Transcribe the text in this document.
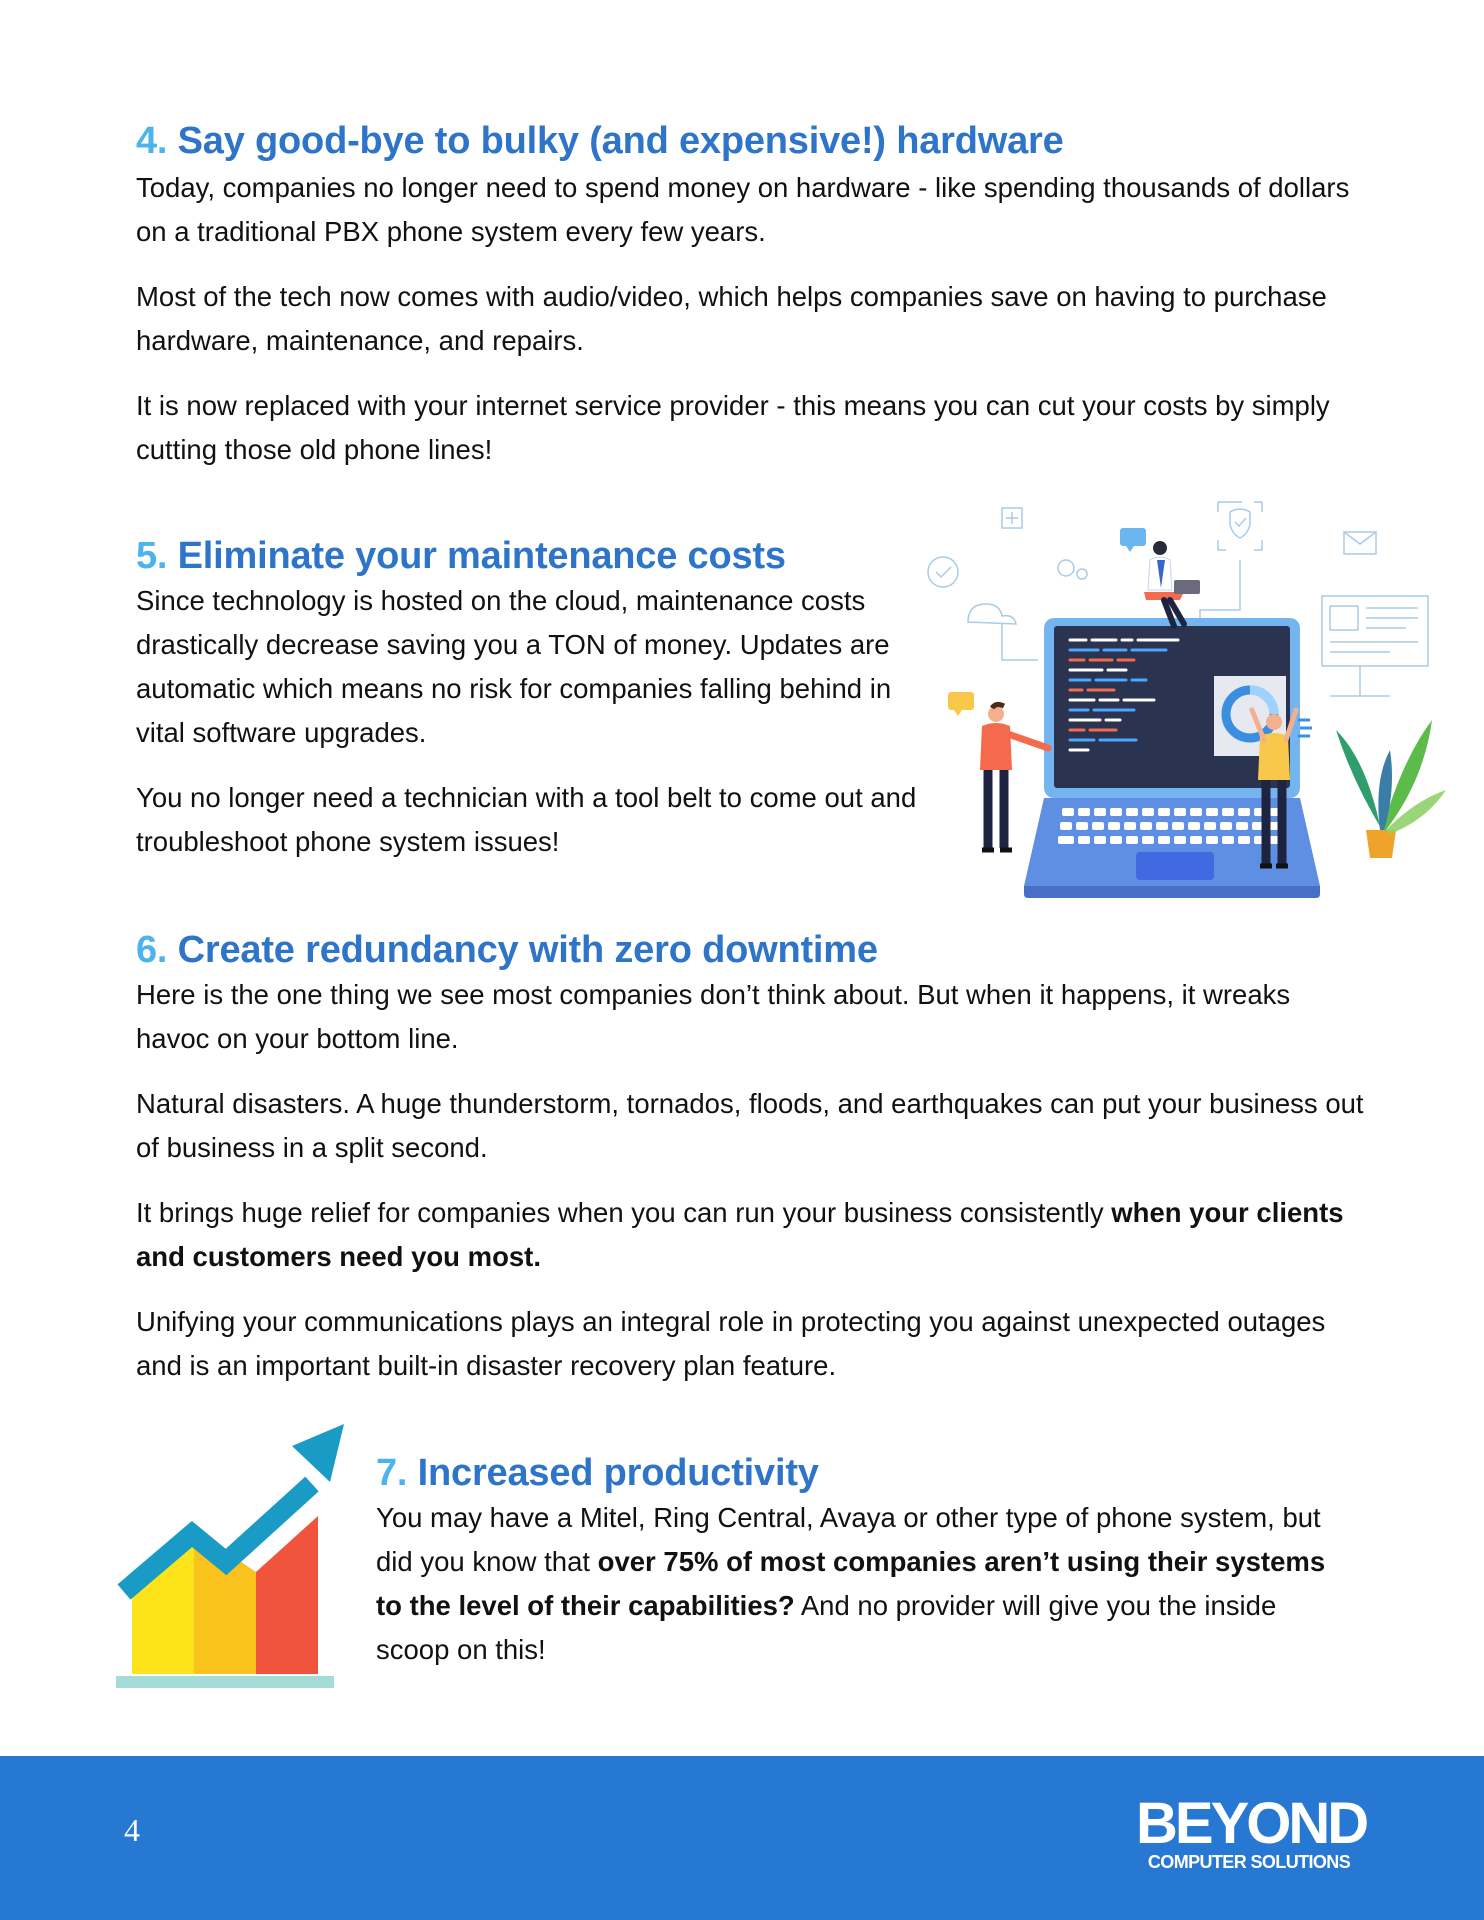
4. Say good-bye to bulky (and expensive!) hardware

Today, companies no longer need to spend money on hardware - like spending thousands of dollars on a traditional PBX phone system every few years.

Most of the tech now comes with audio/video, which helps companies save on having to purchase hardware, maintenance, and repairs.

It is now replaced with your internet service provider - this means you can cut your costs by simply cutting those old phone lines!

5. Eliminate your maintenance costs

Since technology is hosted on the cloud, maintenance costs drastically decrease saving you a TON of money. Updates are automatic which means no risk for companies falling behind in vital software upgrades.

You no longer need a technician with a tool belt to come out and troubleshoot phone system issues!

6. Create redundancy with zero downtime

Here is the one thing we see most companies don’t think about. But when it happens, it wreaks havoc on your bottom line.

Natural disasters. A huge thunderstorm, tornados, floods, and earthquakes can put your business out of business in a split second.

It brings huge relief for companies when you can run your business consistently when your clients and customers need you most.

Unifying your communications plays an integral role in protecting you against unexpected outages and is an important built-in disaster recovery plan feature.

7. Increased productivity

You may have a Mitel, Ring Central, Avaya or other type of phone system, but did you know that over 75% of most companies aren’t using their systems to the level of their capabilities? And no provider will give you the inside scoop on this!

4	BEYOND
COMPUTER SOLUTIONS
